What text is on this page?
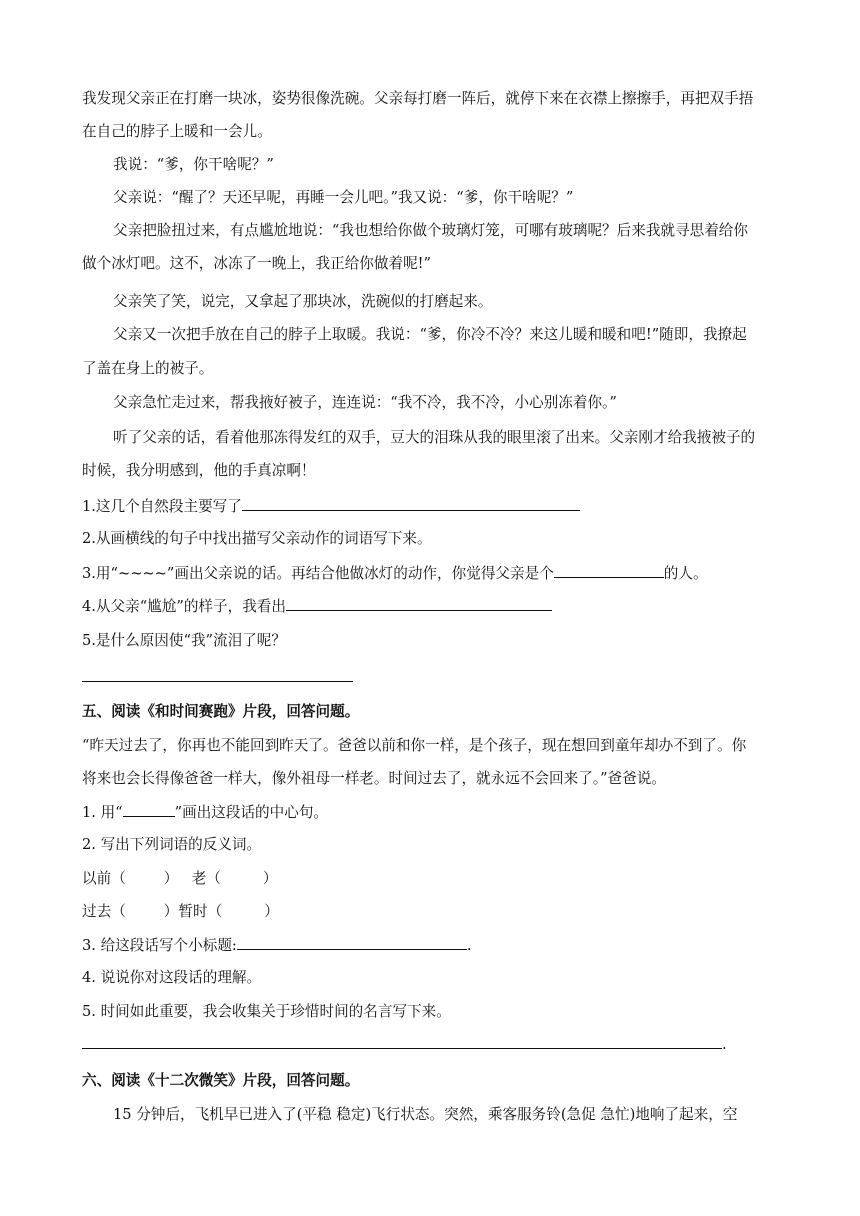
我发现父亲正在打磨一块冰，姿势很像洗碗。父亲每打磨一阵后，就停下来在衣襟上擦擦手，再把双手捂
在自己的脖子上暖和一会儿。
我说：“爹，你干啥呢？”
父亲说：“醒了？天还早呢，再睡一会儿吧。”我又说：“爹，你干啥呢？”
父亲把脸扭过来，有点尴尬地说：“我也想给你做个玻璃灯笼，可哪有玻璃呢？后来我就寻思着给你
做个冰灯吧。这不，冰冻了一晚上，我正给你做着呢!”
父亲笑了笑，说完，又拿起了那块冰，洗碗似的打磨起来。
父亲又一次把手放在自己的脖子上取暖。我说：“爹，你冷不冷？来这儿暖和暖和吧!”随即，我撩起
了盖在身上的被子。
父亲急忙走过来，帮我掖好被子，连连说：“我不冷，我不冷，小心别冻着你。”
听了父亲的话，看着他那冻得发红的双手，豆大的泪珠从我的眼里滚了出来。父亲刚才给我掖被子的
时候，我分明感到，他的手真凉啊！
1.这几个自然段主要写了
2.从画横线的句子中找出描写父亲动作的词语写下来。
3.用“~~~~”画出父亲说的话。再结合他做冰灯的动作，你觉得父亲是个	的人。
4.从父亲“尴尬”的样子，我看出
5.是什么原因使“我”流泪了呢？
五、阅读《和时间赛跑》片段，回答问题。
“昨天过去了，你再也不能回到昨天了。爸爸以前和你一样，是个孩子，现在想回到童年却办不到了。你
将来也会长得像爸爸一样大，像外祖母一样老。时间过去了，就永远不会回来了。”爸爸说。
1. 用“	”画出这段话的中心句。
2. 写出下列词语的反义词。
以前（	） 老（	）
过去（	）暂时（	）
3. 给这段话写个小标题:	.
4. 说说你对这段话的理解。
5. 时间如此重要，我会收集关于珍惜时间的名言写下来。
.
六、阅读《十二次微笑》片段，回答问题。
15 分钟后，飞机早已进入了(平稳 稳定)飞行状态。突然，乘客服务铃(急促 急忙)地响了起来，空
